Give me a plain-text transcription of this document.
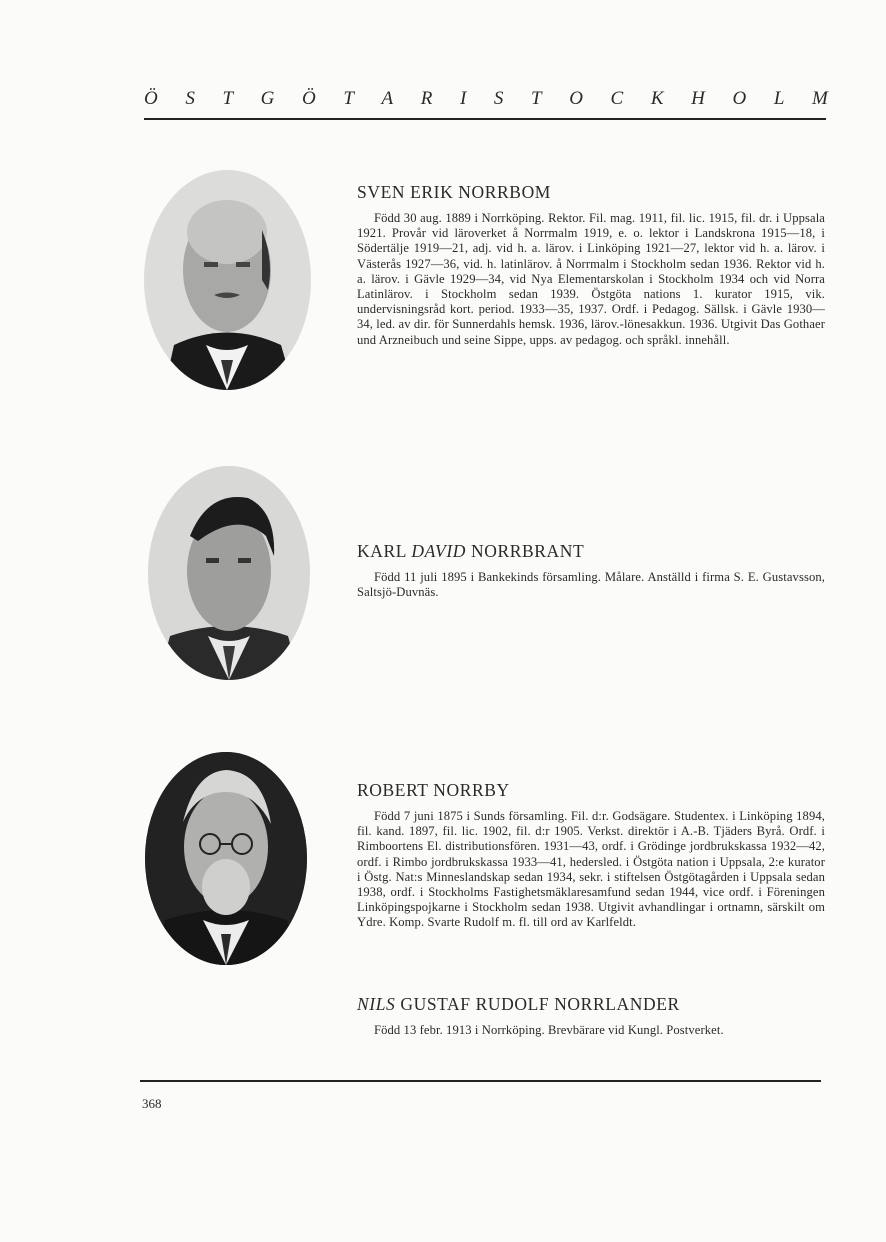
Ö S T G Ö T A R I S T O C K H O L M
SVEN ERIK NORRBOM

Född 30 aug. 1889 i Norrköping. Rektor. Fil. mag. 1911, fil. lic. 1915, fil. dr. i Uppsala 1921. Provår vid läroverket å Norrmalm 1919, e. o. lektor i Landskrona 1915—18, i Södertälje 1919—21, adj. vid h. a. lärov. i Linköping 1921—27, lektor vid h. a. lärov. i Västerås 1927—36, vid. h. latinlärov. å Norrmalm i Stockholm sedan 1936. Rektor vid h. a. lärov. i Gävle 1929—34, vid Nya Elementarskolan i Stockholm 1934 och vid Norra Latinlärov. i Stockholm sedan 1939. Östgöta nations 1. kurator 1915, vik. undervisningsråd kort. period. 1933—35, 1937. Ordf. i Pedagog. Sällsk. i Gävle 1930—34, led. av dir. för Sunnerdahls hemsk. 1936, lärov.-lönesakkun. 1936. Utgivit Das Gothaer und Arzneibuch und seine Sippe, upps. av pedagog. och språkl. innehåll.

KARL DAVID NORRBRANT

Född 11 juli 1895 i Bankekinds församling. Målare. Anställd i firma S. E. Gustavsson, Saltsjö-Duvnäs.

ROBERT NORRBY

Född 7 juni 1875 i Sunds församling. Fil. d:r. Godsägare. Studentex. i Linköping 1894, fil. kand. 1897, fil. lic. 1902, fil. d:r 1905. Verkst. direktör i A.-B. Tjäders Byrå. Ordf. i Rimboortens El. distributionsfören. 1931—43, ordf. i Grödinge jordbrukskassa 1932—42, ordf. i Rimbo jordbrukskassa 1933—41, hedersled. i Östgöta nation i Uppsala, 2:e kurator i Östg. Nat:s Minneslandskap sedan 1934, sekr. i stiftelsen Östgötagården i Uppsala sedan 1938, ordf. i Stockholms Fastighetsmäklaresamfund sedan 1944, vice ordf. i Föreningen Linköpingspojkarne i Stockholm sedan 1938. Utgivit avhandlingar i ortnamn, särskilt om Ydre. Komp. Svarte Rudolf m. fl. till ord av Karlfeldt.

NILS GUSTAF RUDOLF NORRLANDER

Född 13 febr. 1913 i Norrköping. Brevbärare vid Kungl. Postverket.

368
